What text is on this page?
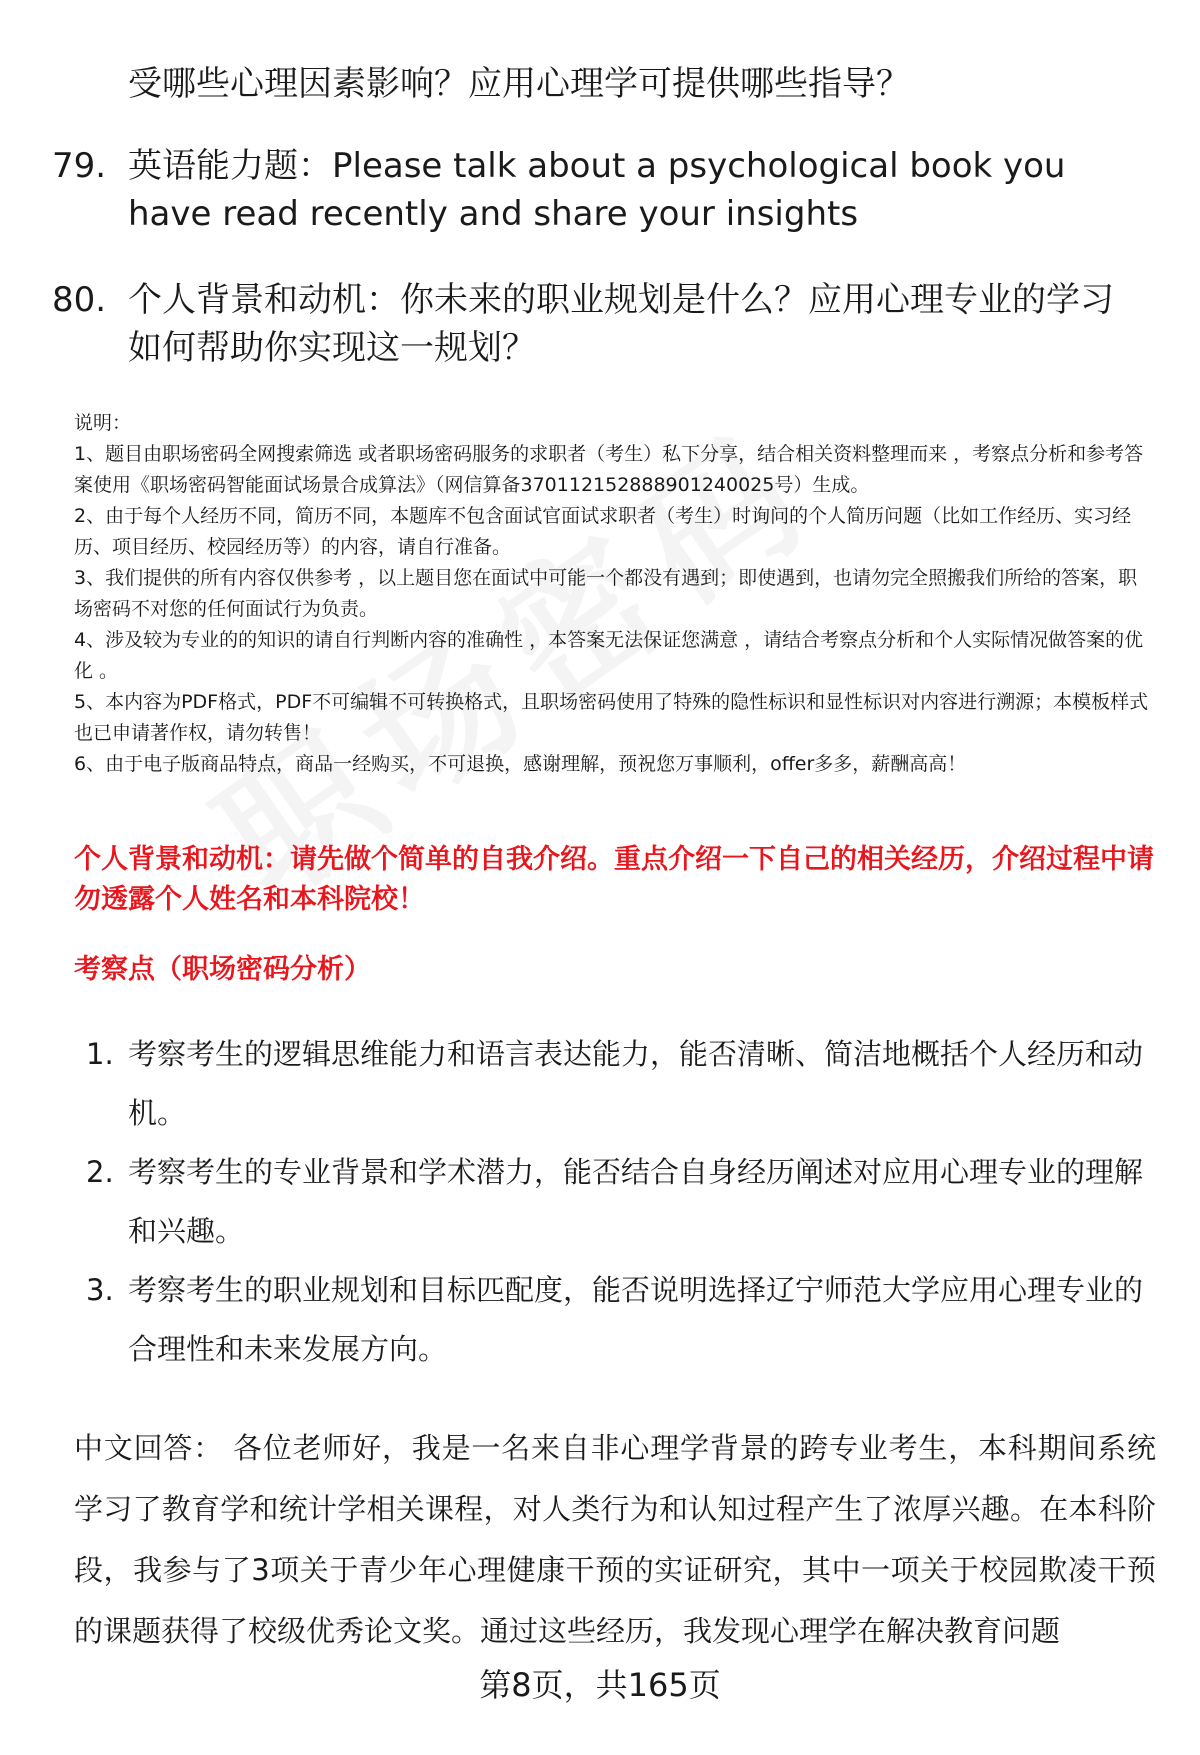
受哪些心理因素影响？应用心理学可提供哪些指导？
79. 英语能力题：Please talk about a psychological book you have read recently and share your insights
80. 个人背景和动机：你未来的职业规划是什么？应用心理专业的学习如何帮助你实现这一规划？
说明：
1、题目由职场密码全网搜索筛选 或者职场密码服务的求职者（考生）私下分享，结合相关资料整理而来 ，考察点分析和参考答案使用《职场密码智能面试场景合成算法》（网信算备370112152888901240025号）生成。
2、由于每个人经历不同，简历不同，本题库不包含面试官面试求职者（考生）时询问的个人简历问题（比如工作经历、实习经历、项目经历、校园经历等）的内容，请自行准备。
3、我们提供的所有内容仅供参考 ，以上题目您在面试中可能一个都没有遇到；即使遇到，也请勿完全照搬我们所给的答案，职场密码不对您的任何面试行为负责。
4、涉及较为专业的的知识的请自行判断内容的准确性 ，本答案无法保证您满意 ，请结合考察点分析和个人实际情况做答案的优化 。
5、本内容为PDF格式，PDF不可编辑不可转换格式，且职场密码使用了特殊的隐性标识和显性标识对内容进行溯源；本模板样式也已申请著作权，请勿转售！
6、由于电子版商品特点，商品一经购买，不可退换，感谢理解，预祝您万事顺利，offer多多，薪酬高高！
个人背景和动机：请先做个简单的自我介绍。重点介绍一下自己的相关经历，介绍过程中请勿透露个人姓名和本科院校！
考察点（职场密码分析）
1. 考察考生的逻辑思维能力和语言表达能力，能否清晰、简洁地概括个人经历和动机。
2. 考察考生的专业背景和学术潜力，能否结合自身经历阐述对应用心理专业的理解和兴趣。
3. 考察考生的职业规划和目标匹配度，能否说明选择辽宁师范大学应用心理专业的合理性和未来发展方向。
中文回答： 各位老师好，我是一名来自非心理学背景的跨专业考生，本科期间系统学习了教育学和统计学相关课程，对人类行为和认知过程产生了浓厚兴趣。在本科阶段，我参与了3项关于青少年心理健康干预的实证研究，其中一项关于校园欺凌干预的课题获得了校级优秀论文奖。通过这些经历，我发现心理学在解决教育问题
第8页，共165页
